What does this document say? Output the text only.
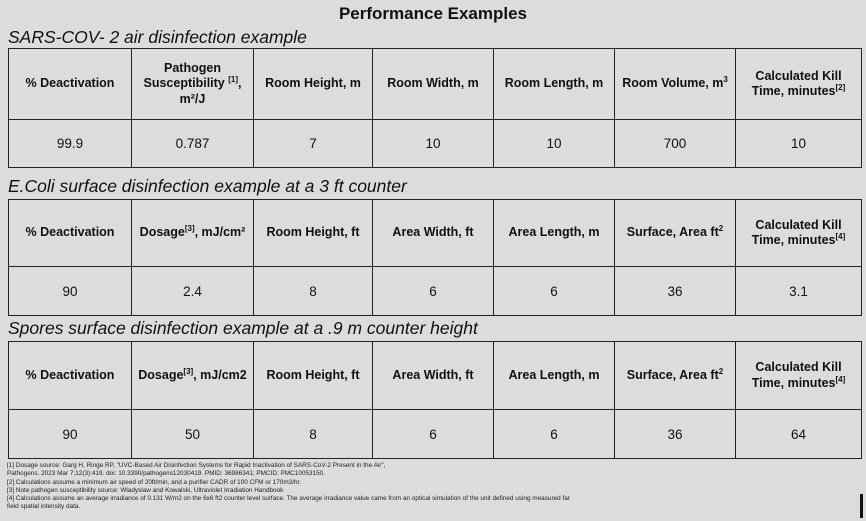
Performance Examples
SARS-COV- 2 air disinfection example
% Deactivation	Pathogen Susceptibility [1], m²/J	Room Height, m	Room Width, m	Room Length, m	Room Volume, $m^3$	Calculated Kill Time, minutes[2]
99.9	0.787	7	10	10	700	10
E.Coli surface disinfection example at a 3 ft counter
% Deactivation	Dosage[3], mJ/cm²	Room Height, ft	Area Width, ft	Area Length, m	Surface, Area $ft^2$	Calculated Kill Time, minutes[4]
90	2.4	8	6	6	36	3.1
Spores surface disinfection example at a .9 m counter height
% Deactivation	Dosage[3], mJ/cm2	Room Height, ft	Area Width, ft	Area Length, m	Surface, Area $ft^2$	Calculated Kill Time, minutes[4]
90	50	8	6	6	36	64
[1] Dosage source: Garg H, Ringe RP, "UVC-Based Air Disinfection Systems for Rapid Inactivation of SARS-CoV-2 Present in the Air",
Pathogens. 2023 Mar 7;12(3):419. doi: 10.3390/pathogens12030419. PMID: 36986341; PMCID: PMC10053150.
[2] Calculations assume a minimum air speed of 20ft/min, and a purifier CADR of 100 CFM or 170m3/hr.
[3] Note pathogen susceptibility source: Wladyslaw and Kowalski, Ultraviolet Irradiation Handbook
[4] Calculations assume an average irradiance of 0.131 W/m2 on the 6x6 ft2 counter level surface. The average irradiance value came from an optical simulation of the unit defined using measured far
field spatial intensity data.
